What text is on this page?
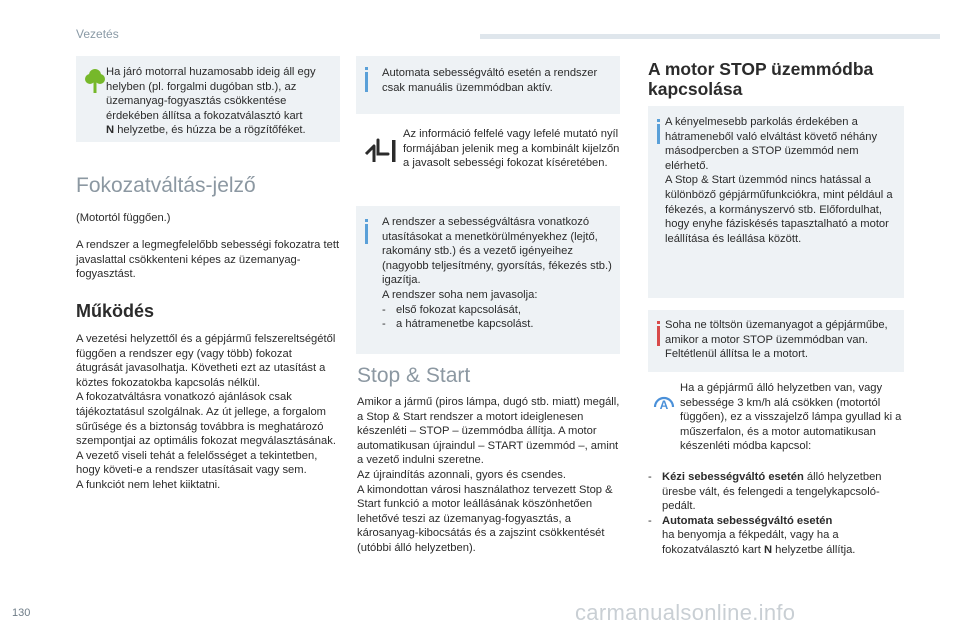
Vezetés

Ha járó motorral huzamosabb ideig áll egy helyben (pl. forgalmi dugóban stb.), az üzemanyag-fogyasztás csökkentése érdekében állítsa a fokozatválasztó kart
N helyzetbe, és húzza be a rögzítőféket.

Fokozatváltás-jelző

(Motortól függően.)

A rendszer a legmegfelelőbb sebességi fokozatra tett javaslattal csökkenteni képes az üzemanyag-fogyasztást.

Működés

A vezetési helyzettől és a gépjármű felszereltségétől függően a rendszer egy (vagy több) fokozat átugrását javasolhatja. Követheti ezt az utasítást a köztes fokozatokba kapcsolás nélkül.
A fokozatváltásra vonatkozó ajánlások csak tájékoztatásul szolgálnak. Az út jellege, a forgalom sűrűsége és a biztonság továbbra is meghatározó szempontjai az optimális fokozat megválasztásának. A vezető viseli tehát a felelősséget a tekintetben, hogy követi-e a rendszer utasításait vagy sem.
A funkciót nem lehet kiiktatni.

Automata sebességváltó esetén a rendszer csak manuális üzemmódban aktív.

Az információ felfelé vagy lefelé mutató nyíl formájában jelenik meg a kombinált kijelzőn a javasolt sebességi fokozat kíséretében.

A rendszer a sebességváltásra vonatkozó utasításokat a menetkörülményekhez (lejtő, rakomány stb.) és a vezető igényeihez (nagyobb teljesítmény, gyorsítás, fékezés stb.) igazítja.
A rendszer soha nem javasolja:

- első fokozat kapcsolását,
- a hátramenetbe kapcsolást.
Stop & Start

Amikor a jármű (piros lámpa, dugó stb. miatt) megáll, a Stop & Start rendszer a motort ideiglenesen készenléti – STOP – üzemmódba állítja. A motor automatikusan újraindul – START üzemmód –, amint a vezető indulni szeretne.
Az újraindítás azonnali, gyors és csendes.
A kimondottan városi használathoz tervezett Stop & Start funkció a motor leállásának köszönhetően lehetővé teszi az üzemanyag-fogyasztás, a károsanyag-kibocsátás és a zajszint csökkentését (utóbbi álló helyzetben).

A motor STOP üzemmódba
kapcsolása

A kényelmesebb parkolás érdekében a hátrameneből való elváltást követő néhány másodpercben a STOP üzemmód nem elérhető.
A Stop & Start üzemmód nincs hatással a különböző gépjárműfunkciókra, mint például a fékezés, a kormányszervó stb. Előfordulhat, hogy enyhe fáziskésés tapasztalható a motor leállítása és leállása között.

Soha ne töltsön üzemanyagot a gépjárműbe, amikor a motor STOP üzemmódban van. Feltétlenül állítsa le a motort.

A

Ha a gépjármű álló helyzetben van, vagy sebessége 3 km/h alá csökken (motortól függően), ez a visszajelző lámpa gyullad ki a műszerfalon, és a motor automatikusan készenléti módba kapcsol:

- Kézi sebességváltó esetén álló helyzetben üresbe vált, és felengedi a tengelykapcsoló-pedált.
- Automata sebességváltó esetén
ha benyomja a fékpedált, vagy ha a fokozatválasztó kart N helyzetbe állítja.
130	carmanualsonline.info
